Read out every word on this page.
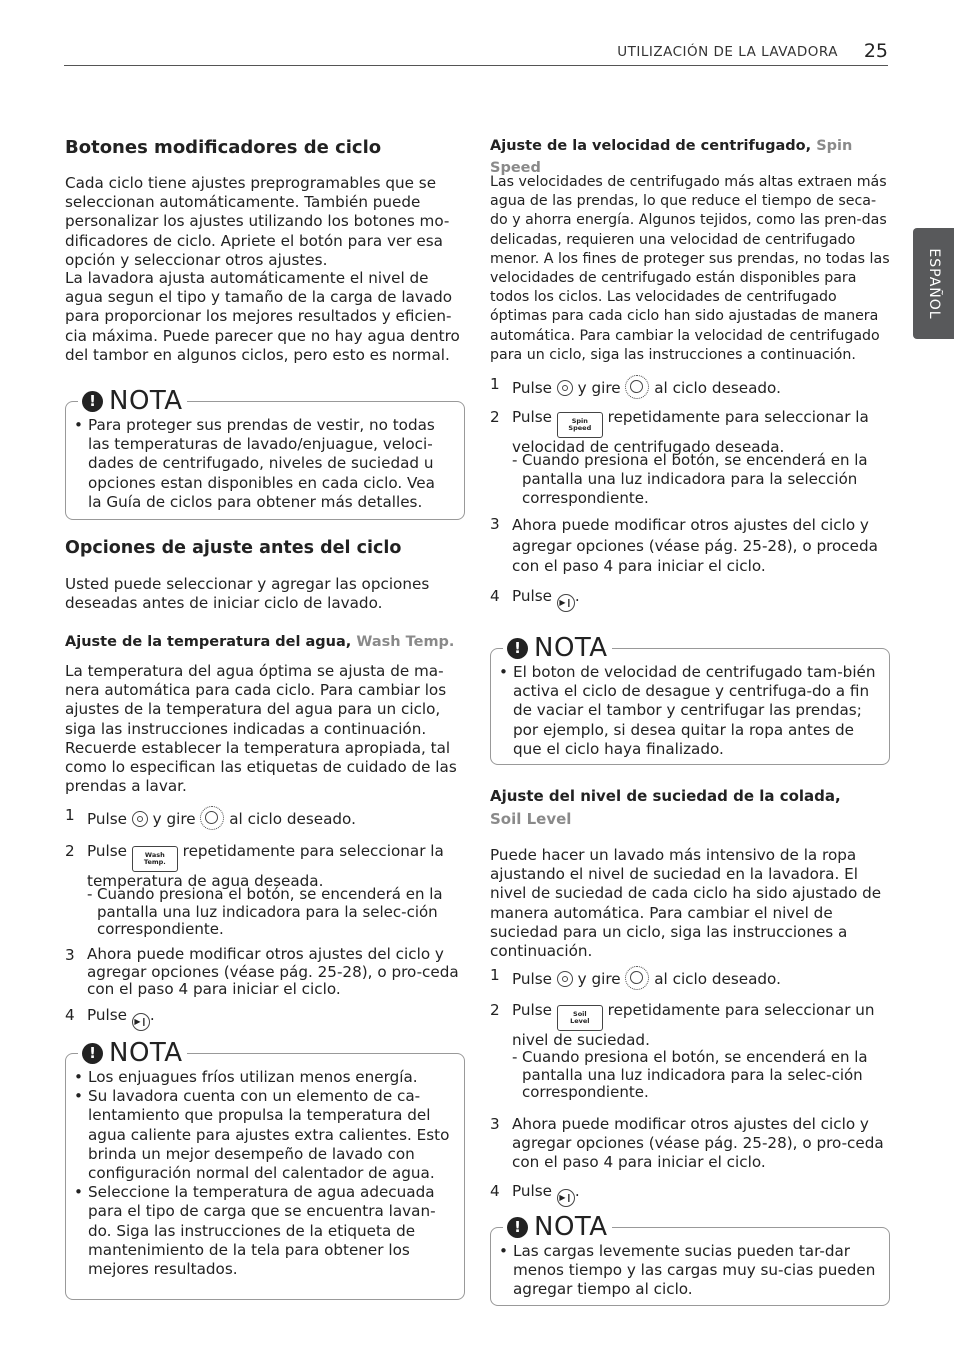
UTILIZACIÓN DE LA LAVADORA 25
ESPAÑOL
Botones modificadores de ciclo

Cada ciclo tiene ajustes preprogramables que se seleccionan automáticamente. También puede personalizar los ajustes utilizando los botones mo-dificadores de ciclo. Apriete el botón para ver esa opción y seleccionar otros ajustes.

La lavadora ajusta automáticamente el nivel de agua segun el tipo y tamaño de la carga de lavado para proporcionar los mejores resultados y eficien-cia máxima. Puede parecer que no hay agua dentro del tambor en algunos ciclos, pero esto es normal.

! NOTA
• Para proteger sus prendas de vestir, no todas las temperaturas de lavado/enjuague, veloci-dades de centrifugado, niveles de suciedad u opciones estan disponibles en cada ciclo. Vea la Guía de ciclos para obtener más detalles.
Opciones de ajuste antes del ciclo

Usted puede seleccionar y agregar las opciones deseadas antes de iniciar ciclo de lavado.

Ajuste de la temperatura del agua, Wash Temp.

La temperatura del agua óptima se ajusta de ma-nera automática para cada ciclo. Para cambiar los ajustes de la temperatura del agua para un ciclo, siga las instrucciones indicadas a continuación. Recuerde establecer la temperatura apropiada, tal como lo especifican las etiquetas de cuidado de las prendas a lavar.

1 Pulse y gire al ciclo deseado.
2 Pulse	Wash
Temp. repetidamente para seleccionar la temperatura de agua deseada.
- Cuando presiona el botón, se encenderá en la pantalla una luz indicadora para la selec-ción correspondiente.
3 Ahora puede modificar otros ajustes del ciclo y agregar opciones (véase pág. 25-28), o pro-ceda con el paso 4 para iniciar el ciclo.
4 Pulse ▶❙ .
! NOTA
• Los enjuagues fríos utilizan menos energía.
• Su lavadora cuenta con un elemento de ca-lentamiento que propulsa la temperatura del agua caliente para ajustes extra calientes. Esto brinda un mejor desempeño de lavado con configuración normal del calentador de agua.
• Seleccione la temperatura de agua adecuada para el tipo de carga que se encuentra lavan-do. Siga las instrucciones de la etiqueta de mantenimiento de la tela para obtener los mejores resultados.

Ajuste de la velocidad de centrifugado, Spin Speed

Las velocidades de centrifugado más altas extraen más agua de las prendas, lo que reduce el tiempo de seca-do y ahorra energía. Algunos tejidos, como las pren-das delicadas, requieren una velocidad de centrifugado menor. A los fines de proteger sus prendas, no todas las velocidades de centrifugado están disponibles para todos los ciclos. Las velocidades de centrifugado óptimas para cada ciclo han sido ajustadas de manera automática. Para cambiar la velocidad de centrifugado para un ciclo, siga las instrucciones a continuación.

1 Pulse y gire al ciclo deseado.
2 Pulse	Spin
Speed repetidamente para seleccionar la velocidad de centrifugado deseada.
- Cuando presiona el botón, se encenderá en la pantalla una luz indicadora para la selección correspondiente.
3 Ahora puede modificar otros ajustes del ciclo y agregar opciones (véase pág. 25-28), o proceda con el paso 4 para iniciar el ciclo.
4 Pulse ▶❙ .
! NOTA
• El boton de velocidad de centrifugado tam-bién activa el ciclo de desague y centrifuga-do a fin de vaciar el tambor y centrifugar las prendas; por ejemplo, si desea quitar la ropa antes de que el ciclo haya finalizado.

Ajuste del nivel de suciedad de la colada,
Soil Level

Puede hacer un lavado más intensivo de la ropa ajustando el nivel de suciedad en la lavadora. El nivel de suciedad de cada ciclo ha sido ajustado de manera automática. Para cambiar el nivel de suciedad para un ciclo, siga las instrucciones a continuación.

1 Pulse y gire al ciclo deseado.
2 Pulse	Soil
Level repetidamente para seleccionar un nivel de suciedad.
- Cuando presiona el botón, se encenderá en la pantalla una luz indicadora para la selec-ción correspondiente.
3 Ahora puede modificar otros ajustes del ciclo y agregar opciones (véase pág. 25-28), o pro-ceda con el paso 4 para iniciar el ciclo.
4 Pulse ▶❙ .
! NOTA
• Las cargas levemente sucias pueden tar-dar menos tiempo y las cargas muy su-cias pueden agregar tiempo al ciclo.
